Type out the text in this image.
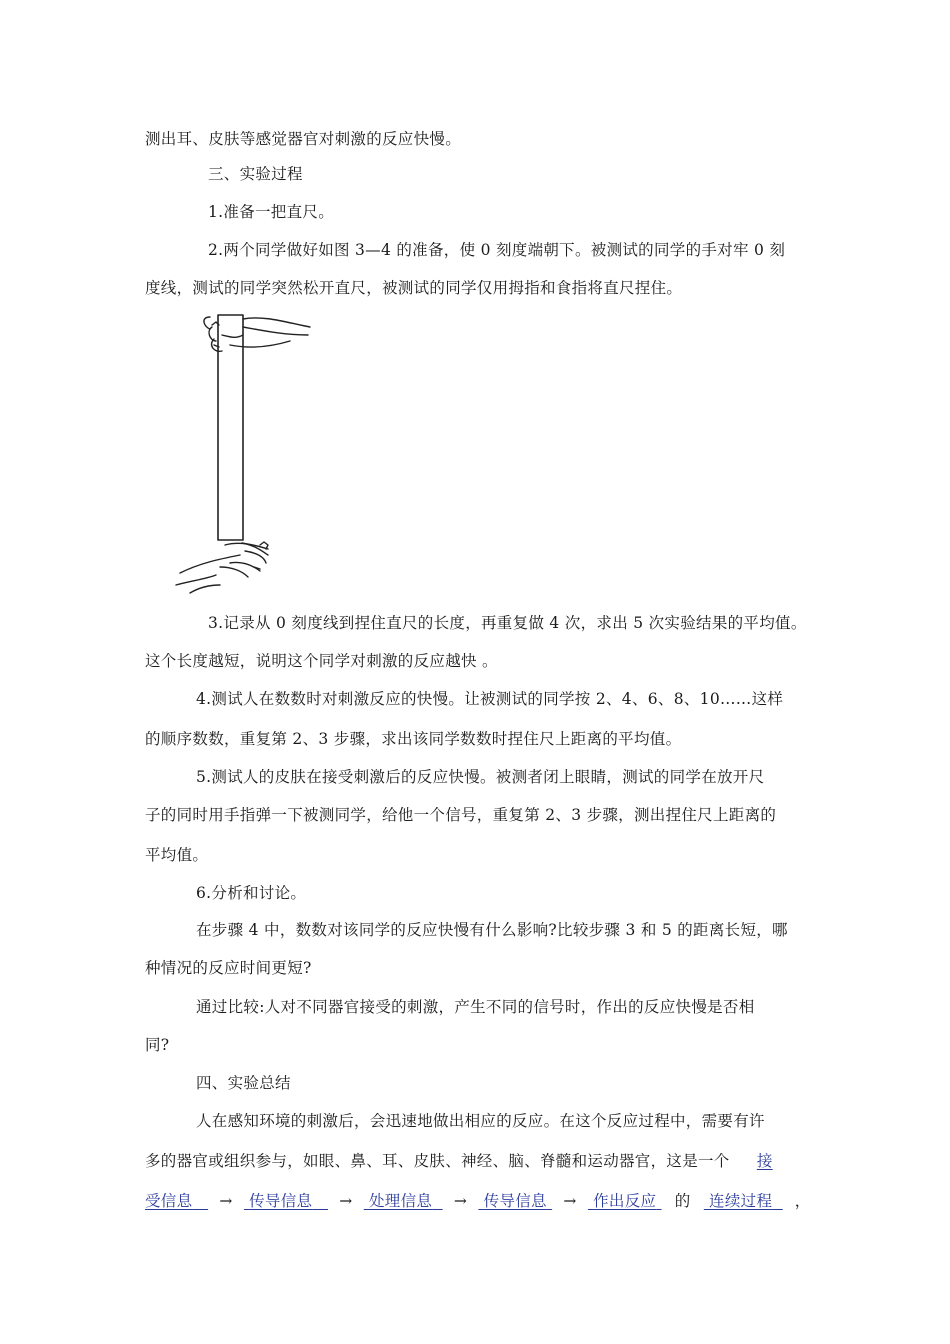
测出耳、皮肤等感觉器官对刺激的反应快慢。
三、实验过程
1.准备一把直尺。
2.两个同学做好如图 3—4 的准备，使 0 刻度端朝下。被测试的同学的手对牢 0 刻
度线，测试的同学突然松开直尺，被测试的同学仅用拇指和食指将直尺捏住。
3.记录从 0 刻度线到捏住直尺的长度，再重复做 4 次，求出 5 次实验结果的平均值。
这个长度越短，说明这个同学对刺激的反应越快 。
4.测试人在数数时对刺激反应的快慢。让被测试的同学按 2、4、6、8、10……这样
的顺序数数，重复第 2、3 步骤，求出该同学数数时捏住尺上距离的平均值。
5.测试人的皮肤在接受刺激后的反应快慢。被测者闭上眼睛，测试的同学在放开尺
子的同时用手指弹一下被测同学，给他一个信号，重复第 2、3 步骤，测出捏住尺上距离的
平均值。
6.分析和讨论。
在步骤 4 中，数数对该同学的反应快慢有什么影响?比较步骤 3 和 5 的距离长短，哪
种情况的反应时间更短?
通过比较:人对不同器官接受的刺激，产生不同的信号时，作出的反应快慢是否相
同?
四、实验总结
人在感知环境的刺激后，会迅速地做出相应的反应。在这个反应过程中，需要有许
多的器官或组织参与，如眼、鼻、耳、皮肤、神经、脑、脊髓和运动器官，这是一个 接
受信息 → 传导信息 → 处理信息 → 传导信息 → 作出反应 的 连续过程 ，
